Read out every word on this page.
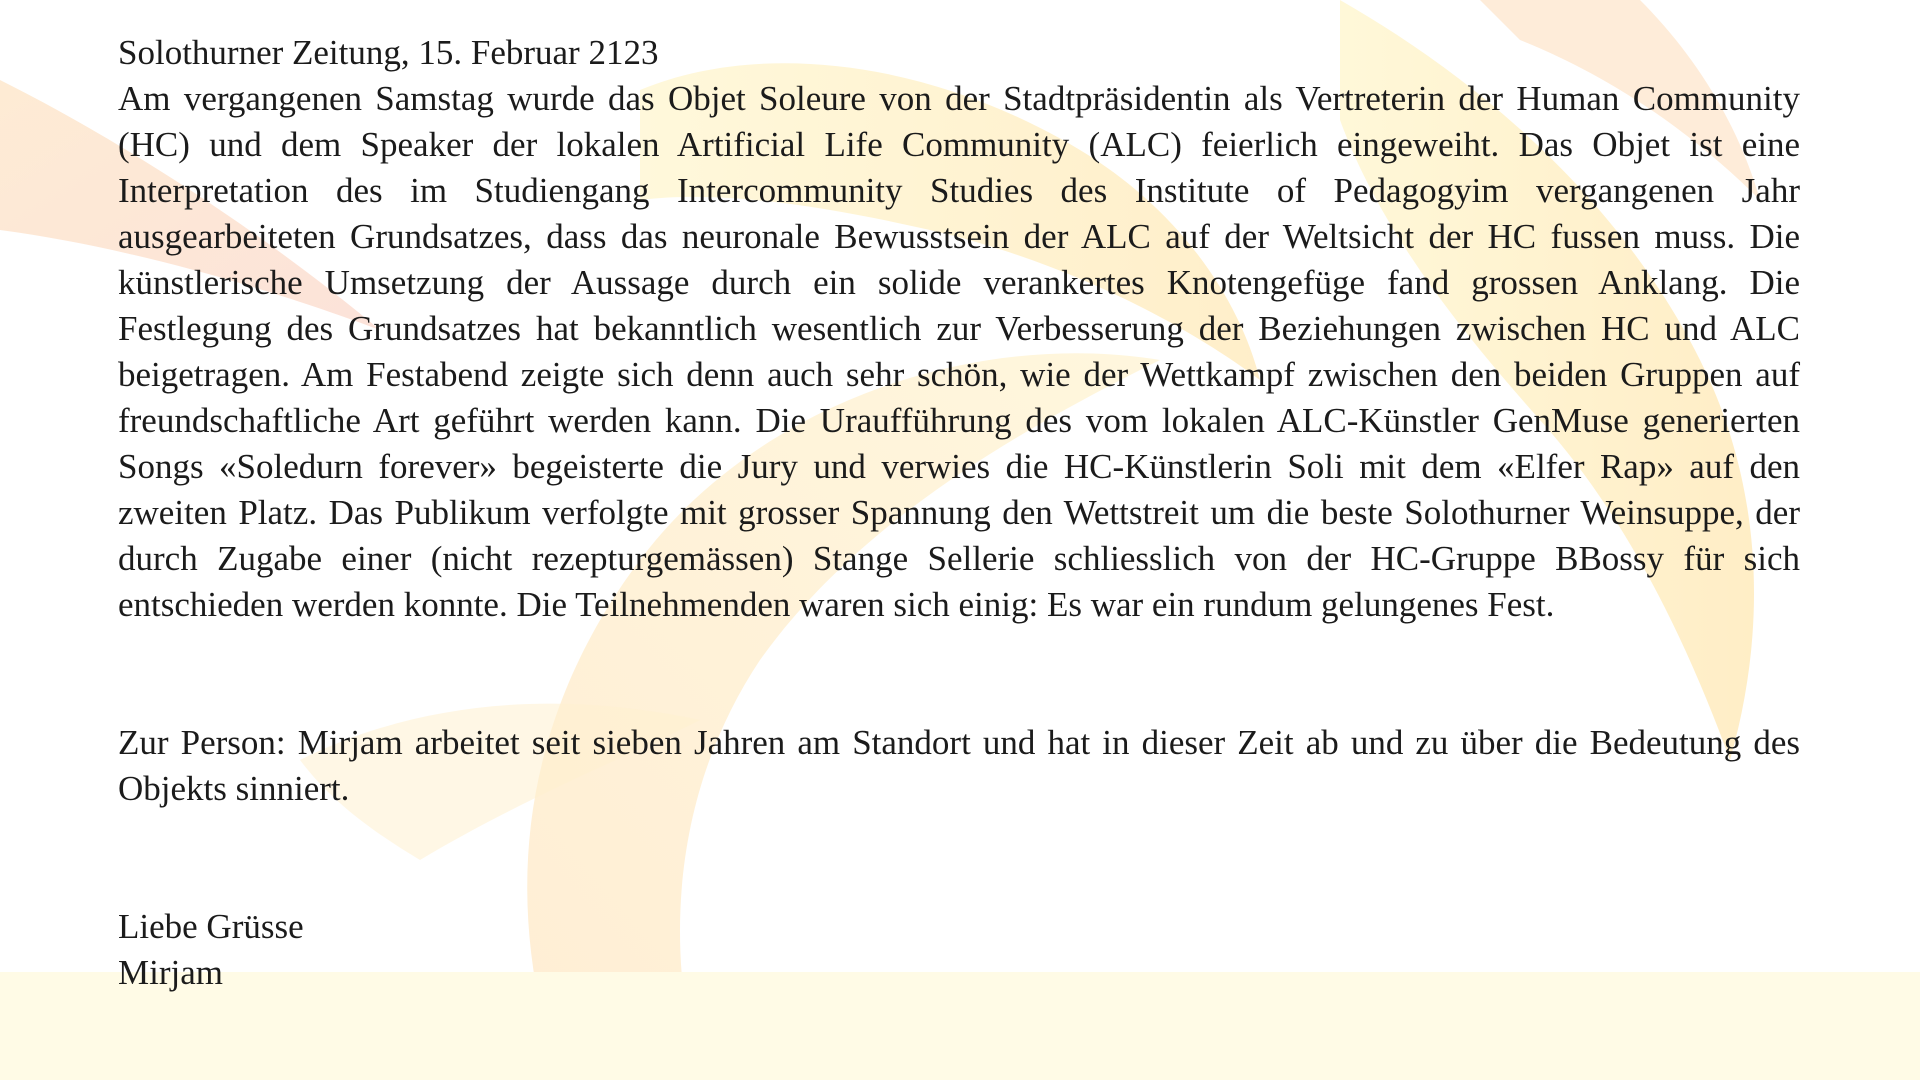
Solothurner Zeitung, 15. Februar 2123

Am vergangenen Samstag wurde das Objet Soleure von der Stadtpräsidentin als Vertreterin der Human Community (HC) und dem Speaker der lokalen Artificial Life Community (ALC) feierlich eingeweiht. Das Objet ist eine Interpretation des im Studiengang Intercommunity Studies des Institute of Pedagogyim vergangenen Jahr ausgearbeiteten Grundsatzes, dass das neuronale Bewusstsein der ALC auf der Weltsicht der HC fussen muss. Die künstlerische Umsetzung der Aussage durch ein solide verankertes Knotengefüge fand grossen Anklang. Die Festlegung des Grundsatzes hat bekanntlich wesentlich zur Verbesserung der Beziehungen zwischen HC und ALC beigetragen. Am Festabend zeigte sich denn auch sehr schön, wie der Wettkampf zwischen den beiden Gruppen auf freundschaftliche Art geführt werden kann. Die Uraufführung des vom lokalen ALC-Künstler GenMuse generierten Songs «Soledurn forever» begeisterte die Jury und verwies die HC-Künstlerin Soli mit dem «Elfer Rap» auf den zweiten Platz. Das Publikum verfolgte mit grosser Spannung den Wettstreit um die beste Solothurner Weinsuppe, der durch Zugabe einer (nicht rezepturgemässen) Stange Sellerie schliesslich von der HC-Gruppe BBossy für sich entschieden werden konnte. Die Teilnehmenden waren sich einig: Es war ein rundum gelungenes Fest.

Zur Person: Mirjam arbeitet seit sieben Jahren am Standort und hat in dieser Zeit ab und zu über die Bedeutung des Objekts sinniert.

Liebe Grüsse

Mirjam
